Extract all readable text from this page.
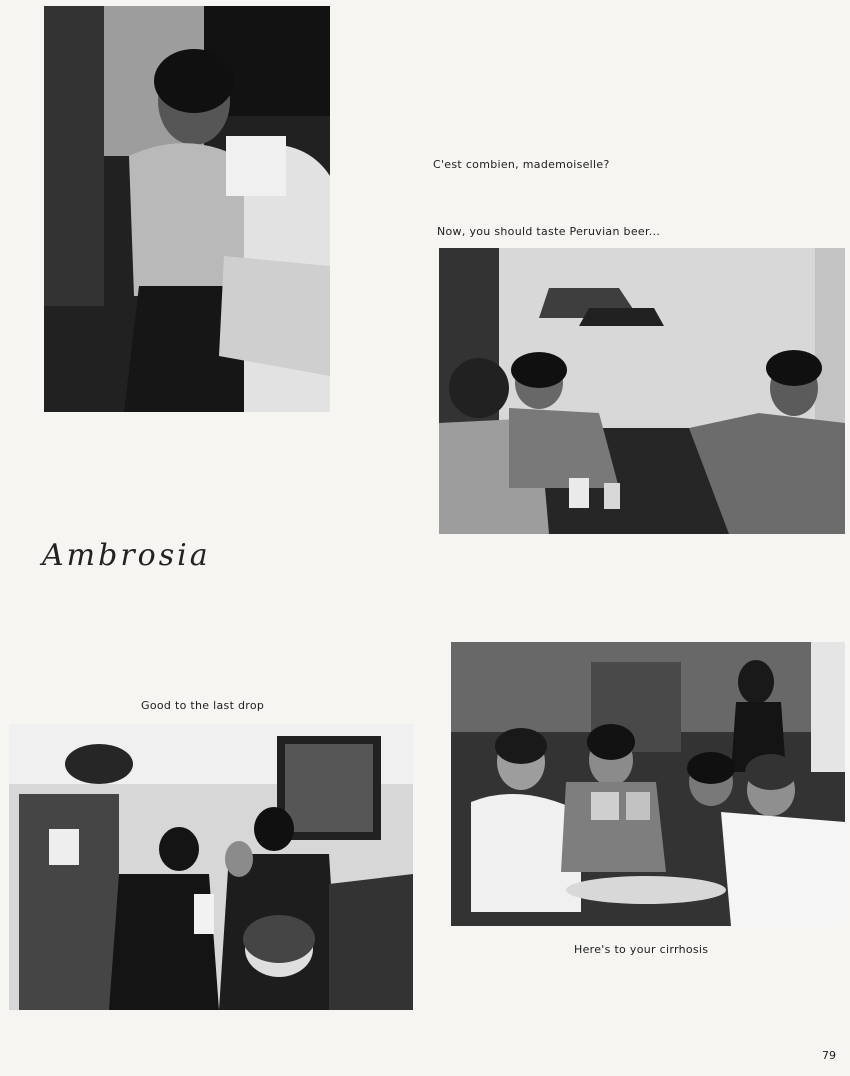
C'est combien, mademoiselle?
Now, you should taste Peruvian beer...
Ambrosia
Good to the last drop
Here's to your cirrhosis
79
